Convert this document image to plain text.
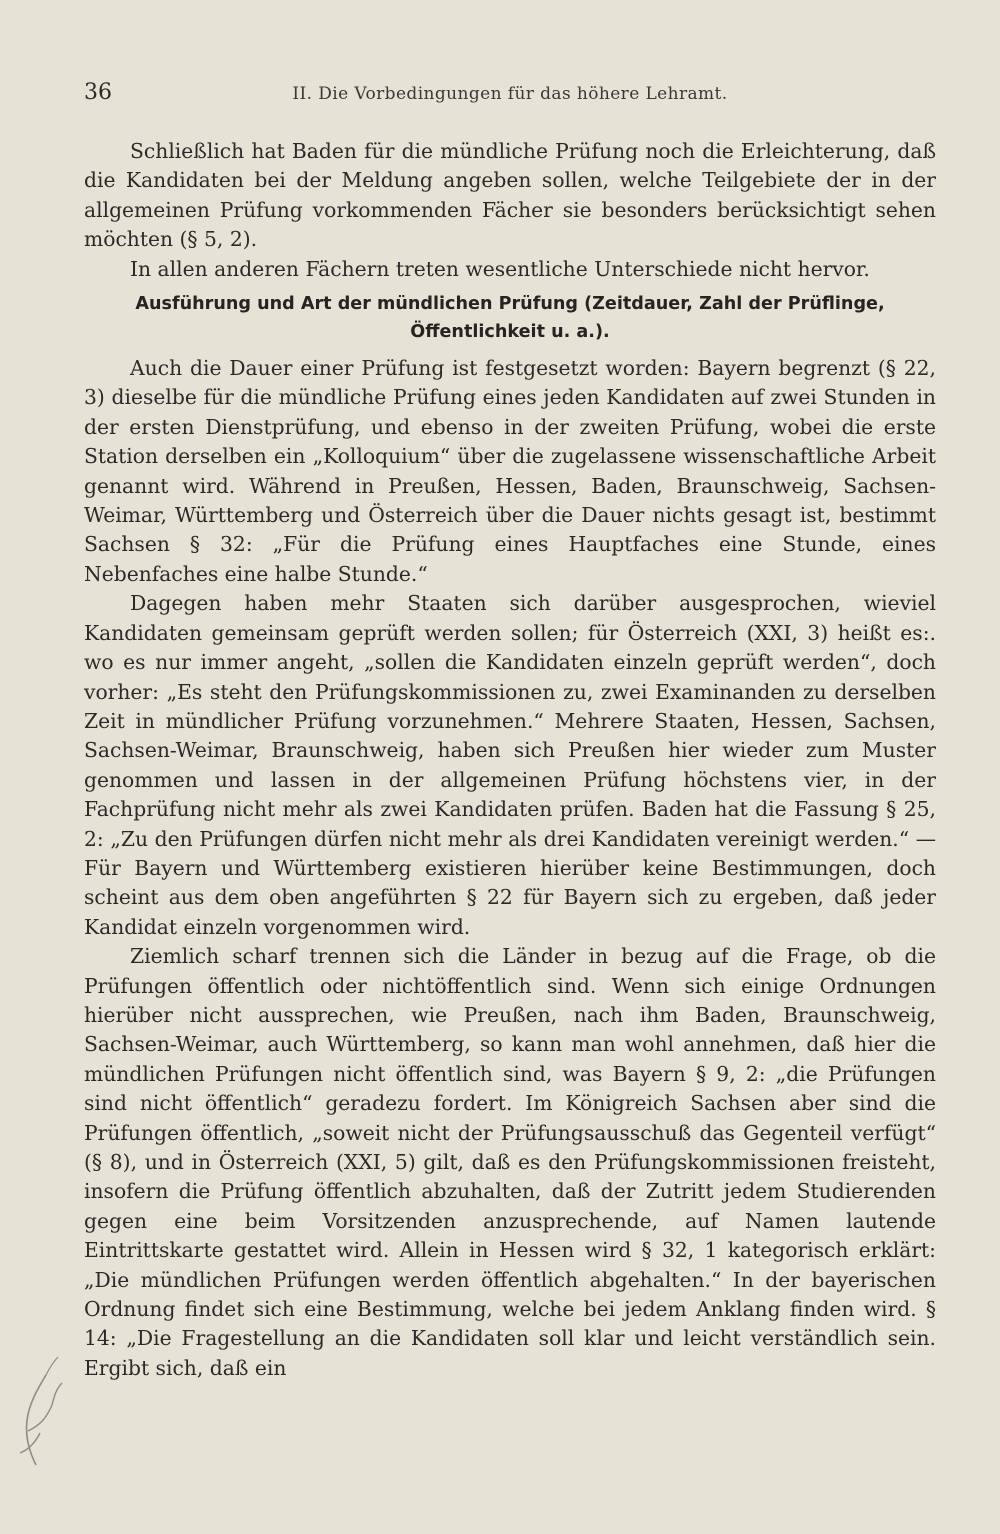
36	II. Die Vorbedingungen für das höhere Lehramt.

Schließlich hat Baden für die mündliche Prüfung noch die Erleichterung, daß die Kandidaten bei der Meldung angeben sollen, welche Teilgebiete der in der allgemeinen Prüfung vorkommenden Fächer sie besonders berücksichtigt sehen möchten (§ 5, 2).

In allen anderen Fächern treten wesentliche Unterschiede nicht hervor.

Ausführung und Art der mündlichen Prüfung (Zeitdauer, Zahl der Prüflinge, Öffentlichkeit u. a.).

Auch die Dauer einer Prüfung ist festgesetzt worden: Bayern begrenzt (§ 22, 3) dieselbe für die mündliche Prüfung eines jeden Kandidaten auf zwei Stunden in der ersten Dienstprüfung, und ebenso in der zweiten Prüfung, wobei die erste Station derselben ein „Kolloquium“ über die zugelassene wissenschaftliche Arbeit genannt wird. Während in Preußen, Hessen, Baden, Braunschweig, Sachsen-Weimar, Württemberg und Österreich über die Dauer nichts gesagt ist, bestimmt Sachsen § 32: „Für die Prüfung eines Hauptfaches eine Stunde, eines Nebenfaches eine halbe Stunde.“

Dagegen haben mehr Staaten sich darüber ausgesprochen, wieviel Kandidaten gemeinsam geprüft werden sollen; für Österreich (XXI, 3) heißt es:. wo es nur immer angeht, „sollen die Kandidaten einzeln geprüft werden“, doch vorher: „Es steht den Prüfungskommissionen zu, zwei Examinanden zu derselben Zeit in mündlicher Prüfung vorzunehmen.“ Mehrere Staaten, Hessen, Sachsen, Sachsen-Weimar, Braunschweig, haben sich Preußen hier wieder zum Muster genommen und lassen in der allgemeinen Prüfung höchstens vier, in der Fachprüfung nicht mehr als zwei Kandidaten prüfen. Baden hat die Fassung § 25, 2: „Zu den Prüfungen dürfen nicht mehr als drei Kandidaten vereinigt werden.“ — Für Bayern und Württemberg existieren hierüber keine Bestimmungen, doch scheint aus dem oben angeführten § 22 für Bayern sich zu ergeben, daß jeder Kandidat einzeln vorgenommen wird.

Ziemlich scharf trennen sich die Länder in bezug auf die Frage, ob die Prüfungen öffentlich oder nichtöffentlich sind. Wenn sich einige Ordnungen hierüber nicht aussprechen, wie Preußen, nach ihm Baden, Braunschweig, Sachsen-Weimar, auch Württemberg, so kann man wohl annehmen, daß hier die mündlichen Prüfungen nicht öffentlich sind, was Bayern § 9, 2: „die Prüfungen sind nicht öffentlich“ geradezu fordert. Im Königreich Sachsen aber sind die Prüfungen öffentlich, „soweit nicht der Prüfungsausschuß das Gegenteil verfügt“ (§ 8), und in Österreich (XXI, 5) gilt, daß es den Prüfungskommissionen freisteht, insofern die Prüfung öffentlich abzuhalten, daß der Zutritt jedem Studierenden gegen eine beim Vorsitzenden anzusprechende, auf Namen lautende Eintrittskarte gestattet wird. Allein in Hessen wird § 32, 1 kategorisch erklärt: „Die mündlichen Prüfungen werden öffentlich abgehalten.“ In der bayerischen Ordnung findet sich eine Bestimmung, welche bei jedem Anklang finden wird. § 14: „Die Fragestellung an die Kandidaten soll klar und leicht verständlich sein. Ergibt sich, daß ein
